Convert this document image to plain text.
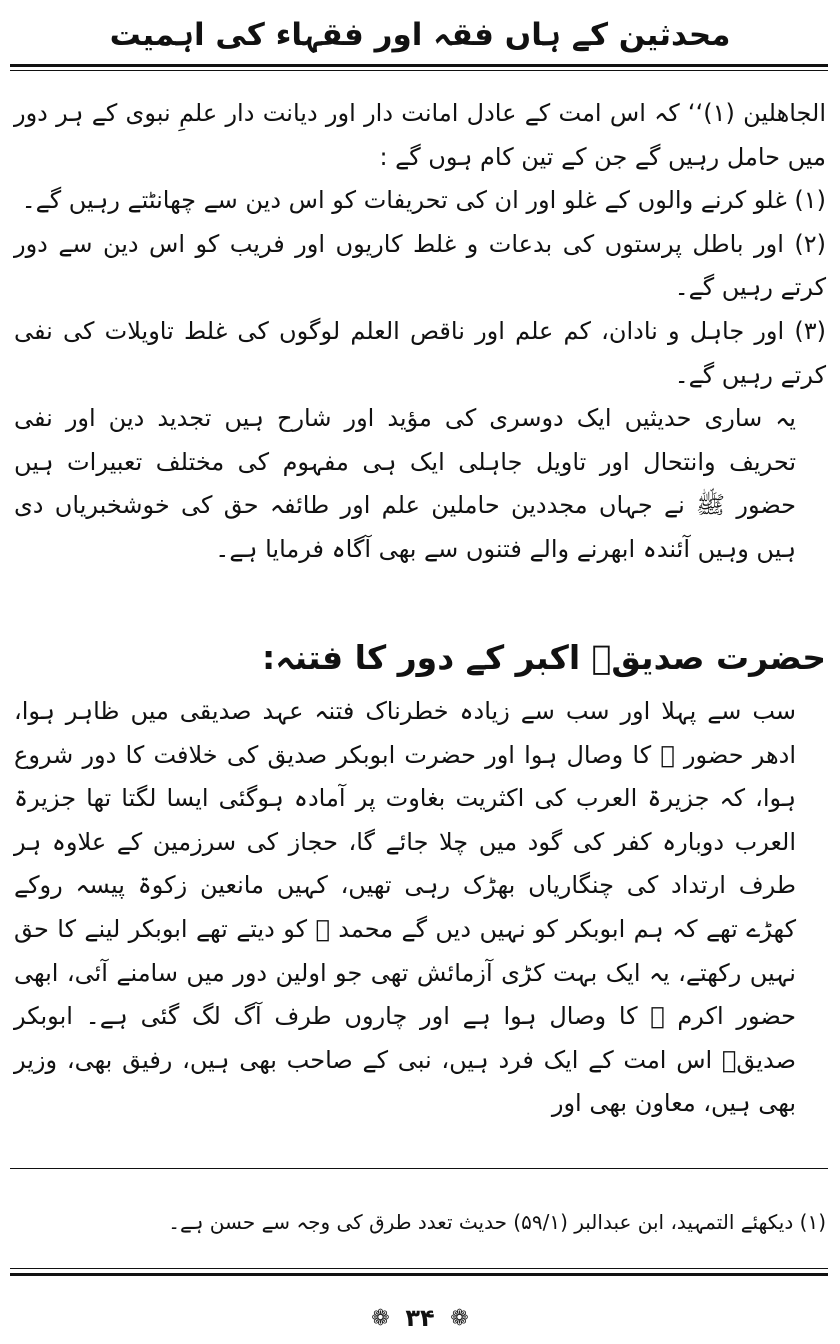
محدثین کے ہاں فقہ اور فقہاء کی اہمیت

الجاھلین (۱)‘‘ کہ اس امت کے عادل امانت دار اور دیانت دار علمِ نبوی کے ہر دور میں حامل رہیں گے جن کے تین کام ہوں گے :

(۱) غلو کرنے والوں کے غلو اور ان کی تحریفات کو اس دین سے چھانٹتے رہیں گے۔

(۲) اور باطل پرستوں کی بدعات و غلط کاریوں اور فریب کو اس دین سے دور کرتے رہیں گے۔

(۳) اور جاہل و نادان، کم علم اور ناقص العلم لوگوں کی غلط تاویلات کی نفی کرتے رہیں گے۔

یہ ساری حدیثیں ایک دوسری کی مؤید اور شارح ہیں تجدید دین اور نفی تحریف وانتحال اور تاویل جاہلی ایک ہی مفہوم کی مختلف تعبیرات ہیں حضور ﷺ نے جہاں مجددین حاملین علم اور طائفہ حق کی خوشخبریاں دی ہیں وہیں آئندہ ابھرنے والے فتنوں سے بھی آگاہ فرمایا ہے۔

حضرت صدیقؓ اکبر کے دور کا فتنہ:

سب سے پہلا اور سب سے زیادہ خطرناک فتنہ عہد صدیقی میں ظاہر ہوا، ادھر حضور ﷺ کا وصال ہوا اور حضرت ابوبکر صدیق کی خلافت کا دور شروع ہوا، کہ جزیرۃ العرب کی اکثریت بغاوت پر آمادہ ہوگئی ایسا لگتا تھا جزیرۃ العرب دوبارہ کفر کی گود میں چلا جائے گا، حجاز کی سرزمین کے علاوہ ہر طرف ارتداد کی چنگاریاں بھڑک رہی تھیں، کہیں مانعین زکوۃ پیسہ روکے کھڑے تھے کہ ہم ابوبکر کو نہیں دیں گے محمد ﷺ کو دیتے تھے ابوبکر لینے کا حق نہیں رکھتے، یہ ایک بہت کڑی آزمائش تھی جو اولین دور میں سامنے آئی، ابھی حضور اکرم ﷺ کا وصال ہوا ہے اور چاروں طرف آگ لگ گئی ہے۔ ابوبکر صدیقؓ اس امت کے ایک فرد ہیں، نبی کے صاحب بھی ہیں، رفیق بھی، وزیر بھی ہیں، معاون بھی اور

(۱) دیکھئے التمہید، ابن عبدالبر (۵۹/۱) حدیث تعدد طرق کی وجہ سے حسن ہے۔
❁ ۳۴ ❁
